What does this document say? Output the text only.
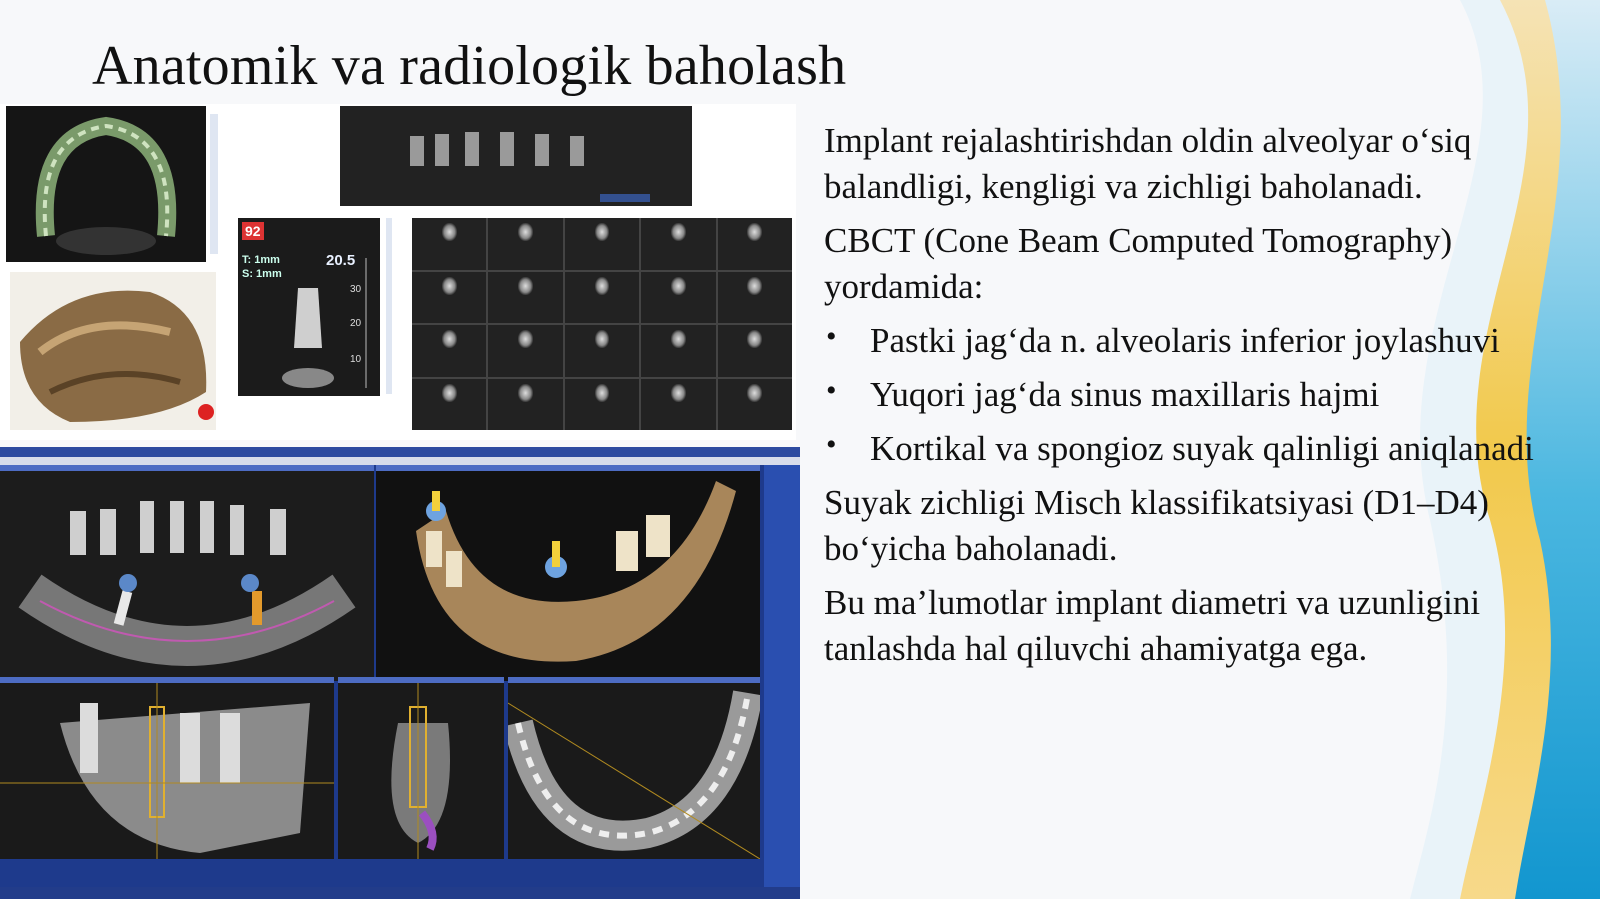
Anatomik va radiologik baholash
92
T: 1mm
S: 1mm
20.5
30
20
10

Implant rejalashtirishdan oldin alveolyar o‘siq balandligi, kengligi va zichligi baholanadi.

CBCT (Cone Beam Computed Tomography) yordamida:

• Pastki jag‘da n. alveolaris inferior joylashuvi
• Yuqori jag‘da sinus maxillaris hajmi
• Kortikal va spongioz suyak qalinligi aniqlanadi

Suyak zichligi Misch klassifikatsiyasi (D1–D4) bo‘yicha baholanadi.

Bu ma’lumotlar implant diametri va uzunligini tanlashda hal qiluvchi ahamiyatga ega.
